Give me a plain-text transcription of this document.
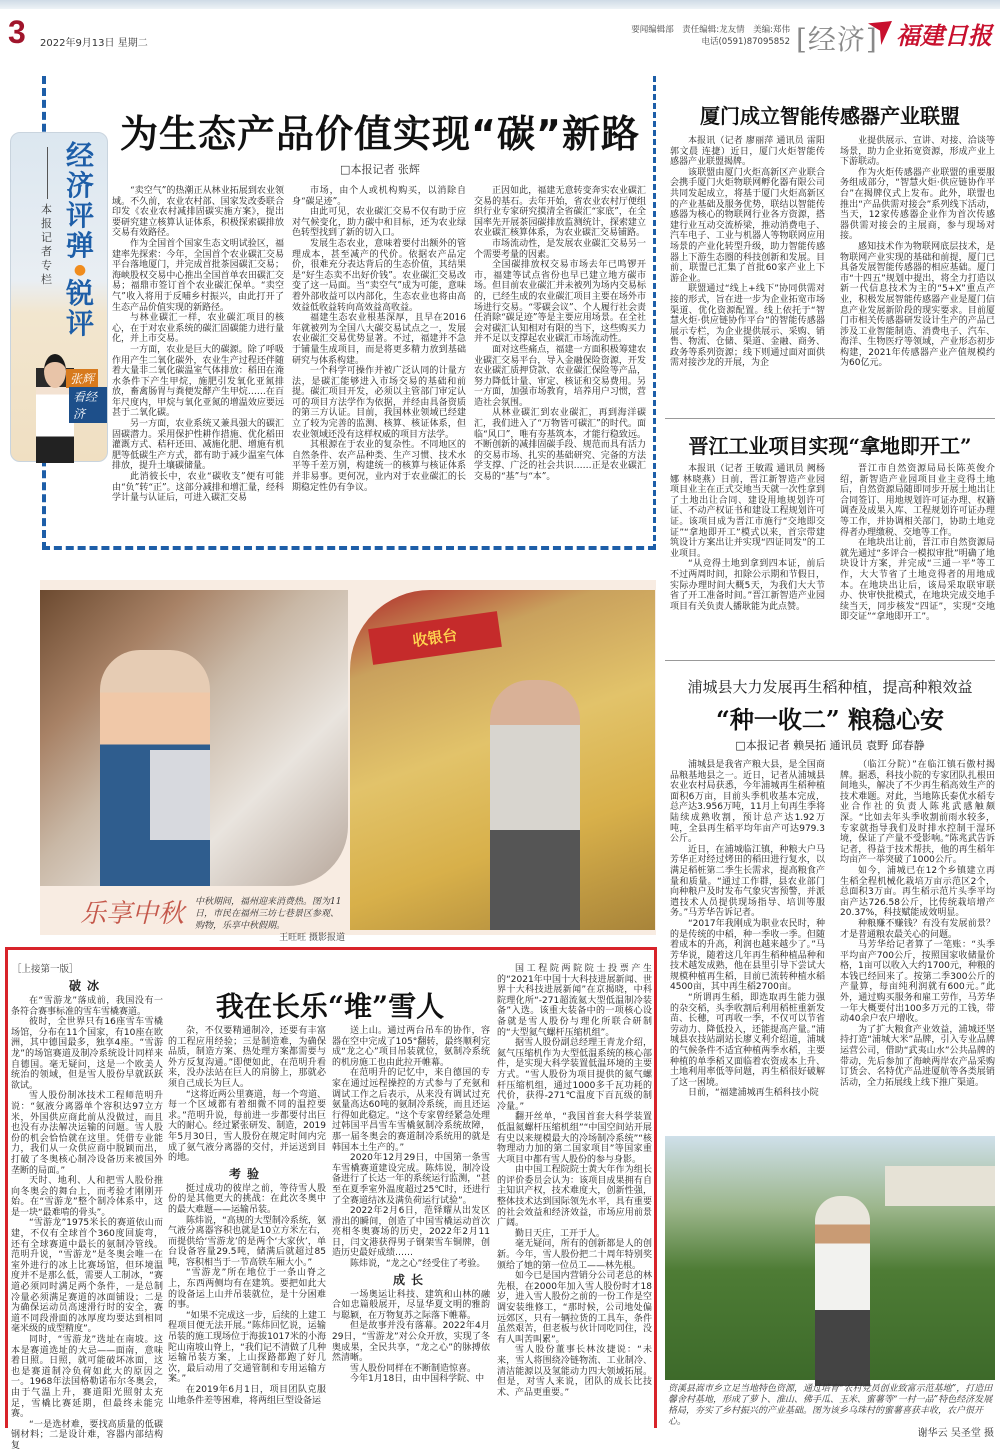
3 2022年9月13日 星期二
要闻编辑部　责任编辑:龙友情　美编:郑伟
电话(0591)87095852 [经济] 福建日报
本报记者专栏
张辉
看经济
经济评弹
●
锐评
为生态产品价值实现“碳”新路
□本报记者 张辉

“卖空气”的热潮正从林业拓展到农业领域。不久前，农业农村部、国家发改委联合印发《农业农村减排固碳实施方案》，提出要研究建立核算认证体系，积极探索碳排放交易有效路径。

作为全国首个国家生态文明试验区，福建率先探索：今年，全国首个农业碳汇交易平台落地厦门，并完成首批茶园碳汇交易；海峡股权交易中心推出全国首单农田碳汇交易；福鼎市签订首个农业碳汇保单。“卖空气”收入将用于反哺乡村振兴，由此打开了生态产品价值实现的新路径。

与林业碳汇一样，农业碳汇项目的核心，在于对农业系统的碳汇固碳能力进行量化，并上市交易。

一方面，农业是巨大的碳源。除了呼吸作用产生二氧化碳外，农业生产过程还伴随着大量非二氧化碳温室气体排放：稻田在淹水条件下产生甲烷，施肥引发氧化亚氮排放，畜禽肠胃与粪便发酵产生甲烷……在百年尺度内，甲烷与氧化亚氮的增温效应要远甚于二氧化碳。

另一方面，农业系统又兼具强大的碳汇固碳潜力。采用保护性耕作措施、优化稻田灌溉方式、秸秆还田、减施化肥、增施有机肥等低碳生产方式，都有助于减少温室气体排放，提升土壤碳储量。

此消彼长中，农业“碳收支”便有可能由“负”转“正”。这部分减排和增汇量，经科学计量与认证后，可进入碳汇交易

市场，由个人或机构购买，以消除自身“碳足迹”。

由此可见，农业碳汇交易不仅有助于应对气候变化，助力碳中和目标，还为农业绿色转型找到了新的切入口。

发展生态农业，意味着要付出额外的管理成本，甚至减产的代价。依据农产品定价，很难充分表达背后的生态价值，其结果是“好生态卖不出好价钱”。农业碳汇交易改变了这一局面。当“卖空气”成为可能，意味着外部收益可以内部化，生态农业也将由高效益低收益转向高效益高收益。

福建生态农业根基深厚，且早在2016年就被列为全国八大碳交易试点之一，发展农业碳汇交易优势显著。不过，福建并不急于铺量生成项目，而是将更多精力放到基础研究与体系构建。

一个科学可操作并被广泛认同的计量方法，是碳汇能够进入市场交易的基础和前提。碳汇项目开发，必须以主管部门审定认可的项目方法学作为依据，并经由具备资质的第三方认证。目前，我国林业领域已经建立了较为完善的监测、核算、核证体系，但农业领域还没有这样权威的项目方法学。

其根源在于农业的复杂性。不同地区的自然条件、农产品种类、生产习惯、技术水平等千差万别，构建统一的核算与核证体系并非易事。更何况，业内对于农业碳汇的长期稳定性仍有争议。

正因如此，福建无意转变奔实农业碳汇交易的基石。去年开始，省农业农村厅便组织行业专家研究摸清全省碳汇“家底”，在全国率先开展茶园碳排放监测统计，探索建立农业碳汇核算体系，为农业碳汇交易铺路。

市场流动性，是发展农业碳汇交易另一个需要考量的因素。

全国碳排放权交易市场去年已鸣锣开市，福建等试点省份也早已建立地方碳市场。但目前农业碳汇并未被列为场内交易标的，已经生成的农业碳汇项目主要在场外市场进行交易。“零碳会议”、个人履行社会责任消除“碳足迹”等是主要应用场景。在全社会对碳汇认知相对有限的当下，这些购买力并不足以支撑起农业碳汇市场流动性。

面对这些痛点，福建一方面积极筹建农业碳汇交易平台，导入金融保险资源，开发农业碳汇质押贷款、农业碳汇保险等产品，努力降低计量、审定、核证和交易费用。另一方面，加强市场教育，培养用户习惯，营造社会氛围。

从林业碳汇到农业碳汇，再到海洋碳汇，我们进入了“万物皆可碳汇”的时代。面临“风口”，唯有夯基筑本，才能行稳致远。不断创新的减排固碳手段、规范而具有活力的交易市场、扎实的基础研究、完备的方法学支撑、广泛的社会共识……正是农业碳汇交易的“基”与“本”。

厦门成立智能传感器产业联盟

本报讯（记者 廖丽萍 通讯员 雷阳 郭文晨 连捷）近日，厦门火炬智能传感器产业联盟揭牌。

该联盟由厦门火炬高新区产业联合会携手厦门火炬物联网孵化器有限公司共同发起成立，将基于厦门火炬高新区的产业基础及服务优势，联结以智能传感器为核心的物联网行业各方资源，搭建行业互动交流桥梁，推动消费电子、汽车电子、工业与机器人等物联网应用场景的产业化转型升级，助力智能传感器上下游生态圈的科技创新和发展。目前，联盟已汇集了首批60家产业上下游企业。

联盟通过“线上+线下”协同供需对接的形式，旨在进一步为企业拓宽市场渠道、优化资源配置。线上依托于“智慧火炬·供应链协作平台”的智能传感器展示专栏，为企业提供展示、采购、销售、物流、仓储、渠道、金融、商务、政务等系列资源；线下则通过面对面供需对接沙龙的开展，为企

业提供展示、宣讲、对接、洽谈等场景，助力企业拓宽资源，形成产业上下游联动。

作为火炬传感器产业联盟的重要服务组成部分，“智慧火炬·供应链协作平台”在揭牌仪式上发布。此外，联盟也推出“产品供需对接会”系列线下活动，当天，12家传感器企业作为首次传感器供需对接会的主展商，参与现场对接。

感知技术作为物联网底层技术，是物联网产业实现的基础和前提，厦门已具备发展智能传感器的相应基础。厦门市“十四五”规划中提出，将全力打造以新一代信息技术为主的“5+X”重点产业，积极发展智能传感器产业是厦门信息产业发展新阶段的现实要求。目前厦门市相关传感器研发设计生产的产品已涉及工业智能制造、消费电子、汽车、海洋、生物医疗等领域，产业形态初步构建，2021年传感器产业产值规模约为60亿元。

晋江工业项目实现“拿地即开工”

本报讯（记者 王敏霞 通讯员 阙杨娜 林晓燕）日前，晋江新智造产业园项目业主在正式交地当天就一次性拿到了土地出让合同、建设用地规划许可证、不动产权证书和建设工程规划许可证。该项目成为晋江市施行“交地即交证”“拿地即开工”模式以来，首宗带建筑设计方案出让并实现“四证同发”的工业项目。

“从竞得土地到拿到四本证，前后不过两周时间，扣除公示期和节假日，实际办理时间大概5天，为我们大大节省了开工准备时间。”晋江新智造产业园项目有关负责人播耿能为此点赞。

晋江市自然资源局局长陈英俊介绍，新智造产业园项目业主竞得土地后，自然资源局随即同步开展土地出让合同签订、用地规划许可证办理、权籍调查及成果入库、工程规划许可证办理等工作，并协调相关部门，协助土地竞得者办理缴税、交地等工作。

在地块出让前，晋江市自然资源局就先通过“多评合一模拟审批”明确了地块设计方案，并完成“三通一平”等工作，大大节省了土地竞得者的用地成本。在地块出让后，该局采取联审联办、快审快批模式，在地块完成交地手续当天，同步核发“四证”，实现“交地即交证”“拿地即开工”。

浦城县大力发展再生稻种植，提高种粮效益
“种一收二” 粮稳心安
□本报记者 赖昊拓 通讯员 袁野 邱春静

浦城县是我省产粮大县，是全国商品粮基地县之一。近日，记者从浦城县农业农村局获悉，今年浦城再生稻种植面积6万亩，目前头季机收基本完成，总产达3.956万吨，11月上旬再生季将陆续成熟收割，预计总产达1.92万吨，全县再生稻平均年亩产可达979.3公斤。

近日，在浦城临江镇，种粮大户马芳华正对经过烤田的稻田进行复水，以满足稻桩第二季生长需求，提高粮食产量和质量。“通过工作群，县农业部门向种粮户及时发布气象灾害预警，并派遣技术人员提供现场指导、培训等服务。”马芳华告诉记者。

“2017年我刚成为职业农民时，种的是传统的中稻，种一季收一季。但随着成本的升高，利润也越来越少了。”马芳华说，随着这几年再生稻种植品种和技术越发成熟，他在县里引导下尝试大规模种植再生稻，目前已流转种植水稻4500亩，其中再生稻2700亩。

“所谓再生稻，即选取再生能力强的杂交稻，头季收割后利用稻桩重新发苗、长穗，可再收一季，不仅可以节省劳动力、降低投入，还能提高产量。”浦城县农技站副站长廖义利介绍道，浦城的气候条件不适宜种植两季水稻，主要种植的单季稻又面临着农资成本上升、土地利用率低等问题，再生稻很好破解了这一困境。

日前，“福建浦城再生稻科技小院

（临江分院）”在临江镇石傲村揭牌。据悉，科技小院的专家团队扎根田间地头，解决了不少再生稻高效生产的技术难题。对此，当地陈氏泰优水稻专业合作社的负责人陈兆武感触颇深。“比如去年头季收割前雨水较多，专家就指导我们及时排水控制干湿环境，保证了产量不受影响。”陈兆武告诉记者，得益于技术帮扶，他的再生稻年均亩产一举突破了1000公斤。

如今，浦城已在12个乡镇建立再生稻全程机械化栽培万亩示范区2个，总面积3万亩。再生稻示范片头季平均亩产达726.58公斤，比传统栽培增产20.37%，科技赋能成效明显。

种粮赚不赚钱？有没有发展前景？才是普通粮农最关心的问题。

马芳华给记者算了一笔账：“头季平均亩产700公斤，按照国家收储量价格，1亩可以收入大约1700元，种粮的本钱已经回来了。按第二季300公斤的产量算，每亩纯利润就有600元。”此外，通过购买服务和雇工劳作，马芳华一年大概要付出100多万元的工钱，带动40余户农户增收。

为了扩大粮食产业效益，浦城还坚持打造“浦城大米”品牌，引入专业品牌运营公司，借助“武夷山水”公共品牌的带动，先后参加了海峡两岸农产品采购订货会、名特优产品进厦航等各类展销活动，全力拓展线上线下推广渠道。

资溪县嵩市乡立足当地特色资源，通过培育“农村党员创业致富示范基地”，打造田馨舍村基地，形成了萝卜、淮山、佛手瓜、玉米、蜜薯等“一村一品”特色经济发展格局，夯实了乡村振兴的产业基础。图为该乡乌珠村的蜜薯喜获丰收，农户很开心。
谢华云 吴圣堂 摄
收银台
乐享中秋 中秋期间，福州迎来消费热。图为11日，市民在福州三坊七巷景区参观、购物，乐享中秋假期。
王旺旺 摄影报道
［上接第一版］
破冰

在“雪游龙”落成前，我国没有一条符合赛事标准的雪车雪橇赛道。

彼时，全世界只有16座雪车雪橇场馆，分布在11个国家，有10座在欧洲，其中德国最多，独享4座。“雪游龙”的场馆赛道及制冷系统设计同样来自德国。毫无疑问，这是一个欧美人统治的领域，但是雪人股份早就跃跃欲试。

雪人股份制冰技术工程师范明升说：“氨液分离器单个容积达97立方米，外国供应商此前从没做过，而且也没有办法解决运输的问题。雪人股份的机会恰恰就在这里。凭借专业能力，我们从一众供应商中脱颖而出，打破了冬奥核心制冷设备历来被国外垄断的局面。”

天时、地利、人和把雪人股份推向冬奥会的舞台上，而考验才刚刚开始。在“雪游龙”整个制冷体系中，这是一块“最难啃的骨头”。

“雪游龙”1975米长的赛道依山而建，不仅有全球首个360度回旋弯，还有全球赛道中最长的氨制冷管线。范明升说，“雪游龙”是冬奥会唯一在室外进行的冰上比赛场馆，但环境温度并不是那么低，需要人工制冰，“赛道必须同时满足两个条件，一是总制冷量必须满足赛道的冰面铺设；二是为确保运动员高速滑行时的安全，赛道不同段滑面的冰厚度均要达到相同毫米级的成型精度”。

同时，“雪游龙”选址在南坡。这本是赛道选址的大忌——面南，意味着日照。日照，就可能破坏冰面，这也是赛道制冷负荷如此大的原因之一。1968年法国格勒诺布尔冬奥会，由于气温上升，赛道阳光照射太充足，雪橇比赛延期，但最终未能完赛。

“一是选材难，要找高质量的低碳钢材料；二是设计难，容器内部结构复

我在长乐“堆”雪人

杂，不仅要精通制冷，还要有丰富的工程应用经验；三是制造难，为确保品质，制造方案、热处理方案都需要与外方反复沟通。”即便如此，在范明升看来，没办法站在巨人的肩膀上，那就必须自己成长为巨人。

“这将近两公里赛道，每一个弯道、每一个区域都有着细微不同的温控要求。”范明升说，每前进一步都要付出巨大的耐心。经过紧张研发、制造，2019年5月30日，雪人股份在规定时间内完成了氨气液分离器的交付，并运送到目的地。

考验

挺过成功的彼岸之前，等待雪人股份的是其他更大的挑战：在此次冬奥中的最大难题——运输吊装。

陈炜说，“高规的大型制冷系统，氨气液分离器容积也就是10立方米左右，而提供给‘雪游龙’的是两个‘大家伙’，单台设备容量29.5吨，储满后就超过85吨，容积相当于一节高铁车厢大小。”

“雪游龙”所在地位于一条山脊之上，东西两侧均有在建筑。要把如此大的设备运上山并吊装就位，是十分困难的事。

“如果不完成这一步，后续的上建工程项目便无法开展。”陈炜回忆说，运输吊装的施工现场位于海拔1017米的小海陀山南坡山脊上，“我们记不清做了几种运输吊装方案，上山探路都跑了好几次，最后动用了交通管制和专用运输方案。”

在2019年6月1日，项目团队克服山地条件差等困难，将两组巨型设备运

送上山。通过两台吊车的协作，容器在空中完成了105°翻转，最终顺利完成“龙之心”项目吊装就位，氨制冷系统的机房施工也由此拉开帷幕。

在范明升的记忆中，来自德国的专家在通过远程操控的方式参与了充氨和调试工作之后表示，从来没有调试过充氨量高达60吨的氨制冷系统，而且还运行得如此稳定。“这个专家曾经紧急处理过韩国平昌雪车雪橇氨制冷系统故障，那一届冬奥会的赛道制冷系统用的就是韩国本土生产的。”

2020年12月29日，中国第一条雪车雪橇赛道建设完成。陈炜说，制冷设备进行了长达一年的系统运行监测，“甚至在夏季室外温度超过25℃时，还进行了全赛道结冰及满负荷运行试验”。

2022年2月6日，范铎耀从出发区滑出的瞬间，创造了中国雪橇运动首次亮相冬奥赛场的历史，2022年2月11日，闫文港获得男子钢架雪车铜牌，创造历史最好成绩……

陈炜说，“龙之心”经受住了考验。

成长

一场奥运让科技、建筑和山林的融合如忠篇般展开，尽显华夏文明的雅韵与聪颖，在万物复苏之际落下帷幕。

但是故事并没有落幕。2022年4月29日，“雪游龙”对公众开放，实现了冬奥成果，全民共享，“龙之心”的脉搏依然清晰。

雪人股份同样在不断制造惊喜。

今年1月18日，由中国科学院、中

国工程院两院院士投票产生的“2021年中国十大科技进展新闻、世界十大科技进展新闻”在京揭晓，中科院理化所“-271超流氦大型低温制冷装备”入选。该重大装备中的一项核心设备就是雪人股份与理化所联合研制的“大型氦气螺杆压缩机组”。

据雪人股份副总经理王青龙介绍，氦气压缩机作为大型低温系统的核心部件，是实现大科学装置低温环境的主要方式。“雪人股份为项目提供的氦气螺杆压缩机组，通过1000多千瓦功耗的代价，获得-271℃温度下百瓦级的制冷量。”

翻开丝单，“我国首套大科学装置低温氦螺杆压缩机组”“中国空间站开展有史以来规模最大的冷场制冷系统”“核物理动力加的第二国家项目”等国家重大项目中都有雪人股份的参与身影。

由中国工程院院士黄大年作为组长的评价委员会认为：该项目成果拥有自主知识产权，技术难度大，创新性强，整体技术达到国际领先水平，具有重要的社会效益和经济效益，市场应用前景广阔。

勤日天庄，工开于人。

毫无疑问，所有的创新都是人的创新。今年，雪人股份把二十周年特别奖颁给了她的第一位员工——林先根。

如今已是国内营销分公司老总的林先根，在2000年加入雪人股份时才18岁，进入雪人股份之前的一份工作是空调安装维修工，“那时候，公司地处偏远郊区，只有一辆拉货的工具车，条件虽然艰苦，但老板与伙计同吃同住，没有人叫苦叫累”。

雪人股份董事长林汝捷说：“未来，雪人将围绕冷链物流、工业制冷、清洁能源以及氢能动力四大领域拓展。但是，对雪人来说，团队的成长比技术、产品更重要。”
